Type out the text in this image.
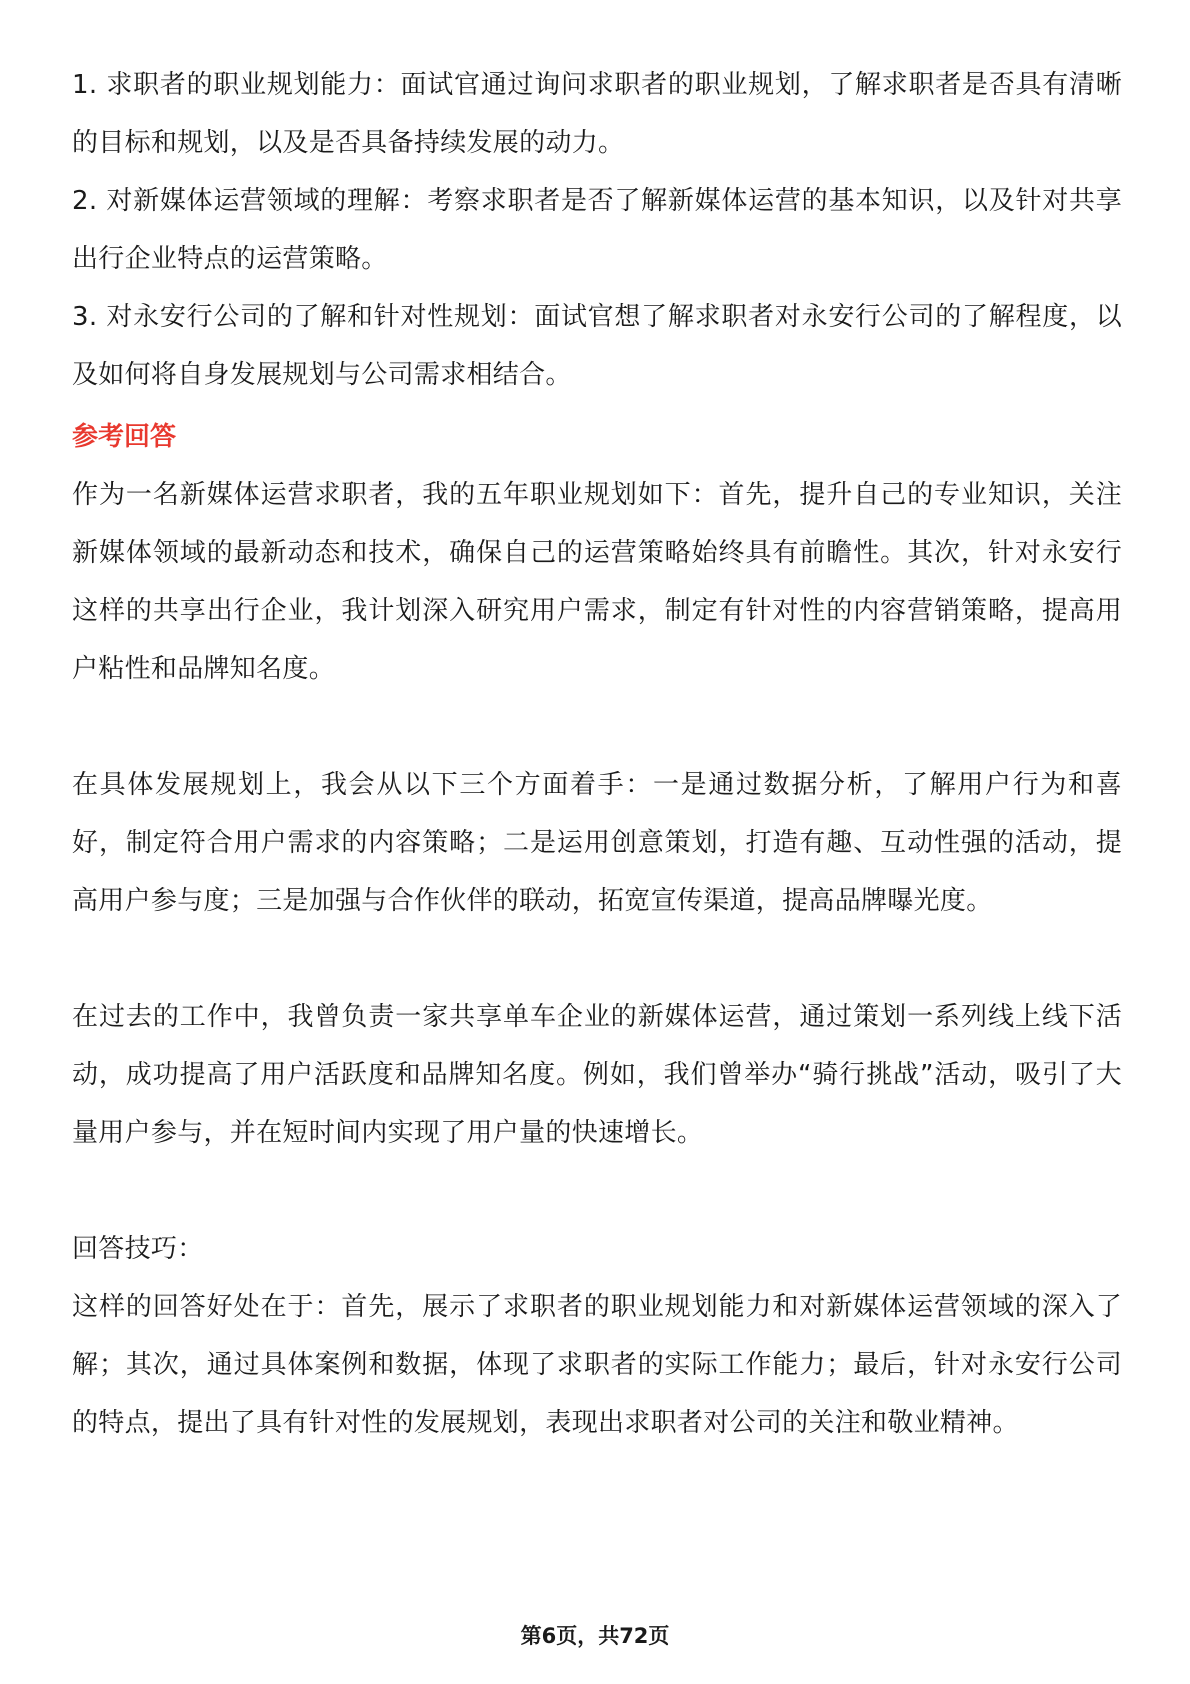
1. 求职者的职业规划能力：面试官通过询问求职者的职业规划，了解求职者是否具有清晰的目标和规划，以及是否具备持续发展的动力。

2. 对新媒体运营领域的理解：考察求职者是否了解新媒体运营的基本知识，以及针对共享出行企业特点的运营策略。

3. 对永安行公司的了解和针对性规划：面试官想了解求职者对永安行公司的了解程度，以及如何将自身发展规划与公司需求相结合。

参考回答

作为一名新媒体运营求职者，我的五年职业规划如下：首先，提升自己的专业知识，关注新媒体领域的最新动态和技术，确保自己的运营策略始终具有前瞻性。其次，针对永安行这样的共享出行企业，我计划深入研究用户需求，制定有针对性的内容营销策略，提高用户粘性和品牌知名度。

在具体发展规划上，我会从以下三个方面着手：一是通过数据分析，了解用户行为和喜好，制定符合用户需求的内容策略；二是运用创意策划，打造有趣、互动性强的活动，提高用户参与度；三是加强与合作伙伴的联动，拓宽宣传渠道，提高品牌曝光度。

在过去的工作中，我曾负责一家共享单车企业的新媒体运营，通过策划一系列线上线下活动，成功提高了用户活跃度和品牌知名度。例如，我们曾举办“骑行挑战”活动，吸引了大量用户参与，并在短时间内实现了用户量的快速增长。

回答技巧：

这样的回答好处在于：首先，展示了求职者的职业规划能力和对新媒体运营领域的深入了解；其次，通过具体案例和数据，体现了求职者的实际工作能力；最后，针对永安行公司的特点，提出了具有针对性的发展规划，表现出求职者对公司的关注和敬业精神。

第6页，共72页
